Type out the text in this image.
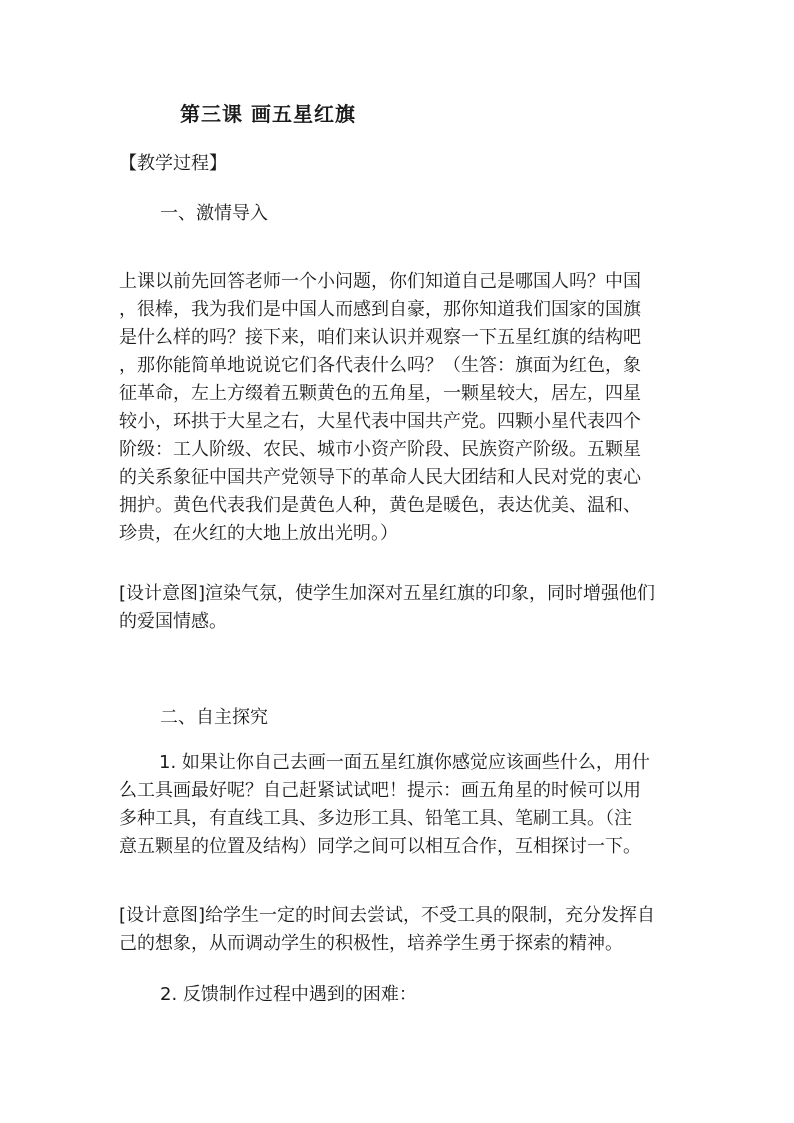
第三课 画五星红旗
【教学过程】
一、激情导入
上课以前先回答老师一个小问题，你们知道自己是哪国人吗？中国
，很棒，我为我们是中国人而感到自豪，那你知道我们国家的国旗
是什么样的吗？接下来，咱们来认识并观察一下五星红旗的结构吧
，那你能简单地说说它们各代表什么吗？（生答：旗面为红色，象
征革命，左上方缀着五颗黄色的五角星，一颗星较大，居左，四星
较小，环拱于大星之右，大星代表中国共产党。四颗小星代表四个
阶级：工人阶级、农民、城市小资产阶段、民族资产阶级。五颗星
的关系象征中国共产党领导下的革命人民大团结和人民对党的衷心
拥护。黄色代表我们是黄色人种，黄色是暖色，表达优美、温和、
珍贵，在火红的大地上放出光明。）
[设计意图]渲染气氛，使学生加深对五星红旗的印象，同时增强他们
的爱国情感。
二、自主探究
1. 如果让你自己去画一面五星红旗你感觉应该画些什么，用什
么工具画最好呢？自己赶紧试试吧！提示：画五角星的时候可以用
多种工具，有直线工具、多边形工具、铅笔工具、笔刷工具。（注
意五颗星的位置及结构）同学之间可以相互合作，互相探讨一下。
[设计意图]给学生一定的时间去尝试，不受工具的限制，充分发挥自
己的想象，从而调动学生的积极性，培养学生勇于探索的精神。
2. 反馈制作过程中遇到的困难：
